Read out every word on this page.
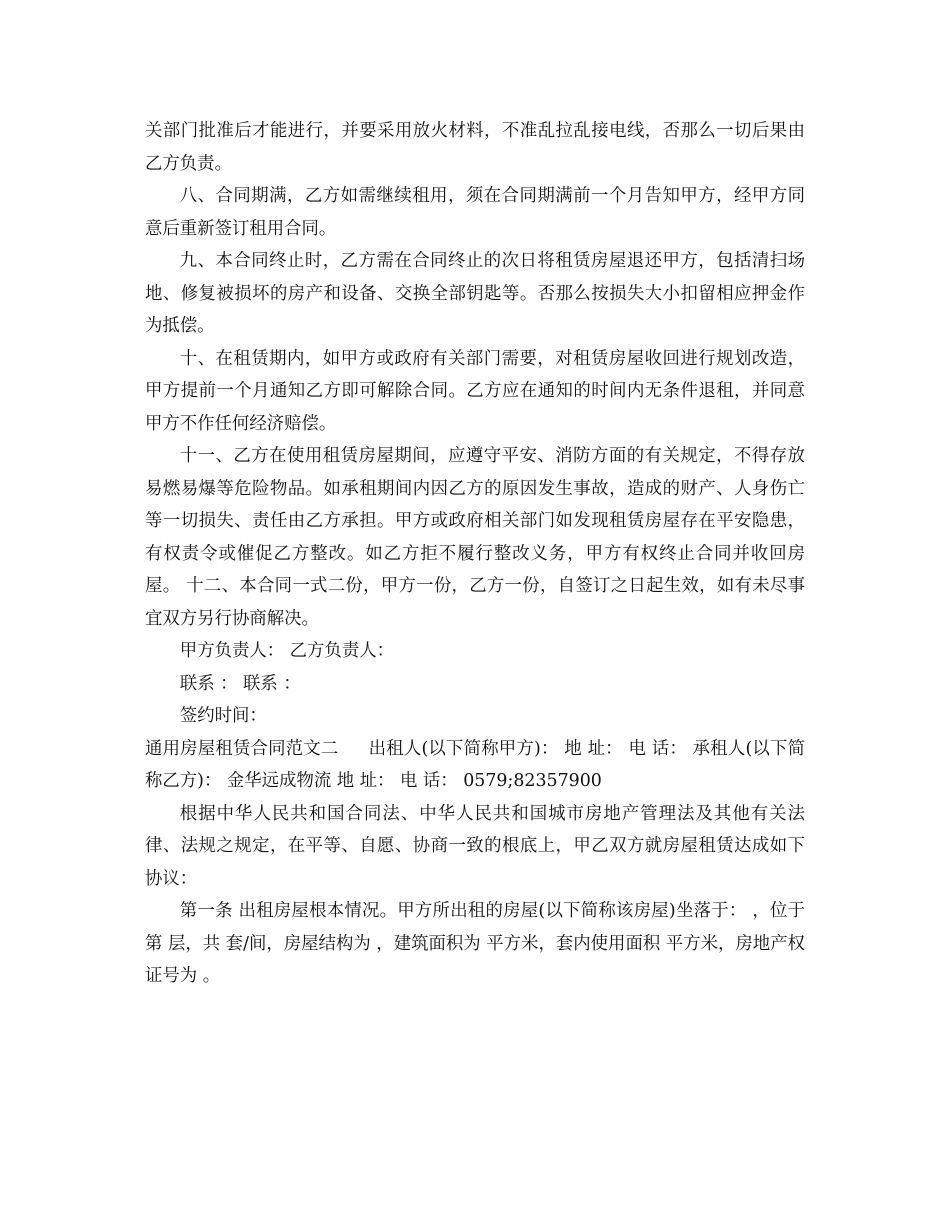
关部门批准后才能进行，并要采用放火材料，不准乱拉乱接电线，否那么一切后果由乙方负责。

八、合同期满，乙方如需继续租用，须在合同期满前一个月告知甲方，经甲方同意后重新签订租用合同。

九、本合同终止时，乙方需在合同终止的次日将租赁房屋退还甲方，包括清扫场地、修复被损坏的房产和设备、交换全部钥匙等。否那么按损失大小扣留相应押金作为抵偿。

十、在租赁期内，如甲方或政府有关部门需要，对租赁房屋收回进行规划改造，甲方提前一个月通知乙方即可解除合同。乙方应在通知的时间内无条件退租，并同意甲方不作任何经济赔偿。

十一、乙方在使用租赁房屋期间，应遵守平安、消防方面的有关规定，不得存放易燃易爆等危险物品。如承租期间内因乙方的原因发生事故，造成的财产、人身伤亡等一切损失、责任由乙方承担。甲方或政府相关部门如发现租赁房屋存在平安隐患，有权责令或催促乙方整改。如乙方拒不履行整改义务，甲方有权终止合同并收回房屋。 十二、本合同一式二份，甲方一份，乙方一份，自签订之日起生效，如有未尽事宜双方另行协商解决。

甲方负责人： 乙方负责人：

联系 ： 联系 ：

签约时间：

通用房屋租赁合同范文二 出租人(以下简称甲方)： 地 址： 电 话： 承租人(以下简称乙方)： 金华远成物流 地 址： 电 话： 0579;82357900

根据中华人民共和国合同法、中华人民共和国城市房地产管理法及其他有关法律、法规之规定，在平等、自愿、协商一致的根底上，甲乙双方就房屋租赁达成如下协议：

第一条 出租房屋根本情况。甲方所出租的房屋(以下简称该房屋)坐落于： ，位于第 层，共 套/间，房屋结构为 ，建筑面积为 平方米，套内使用面积 平方米，房地产权证号为 。
